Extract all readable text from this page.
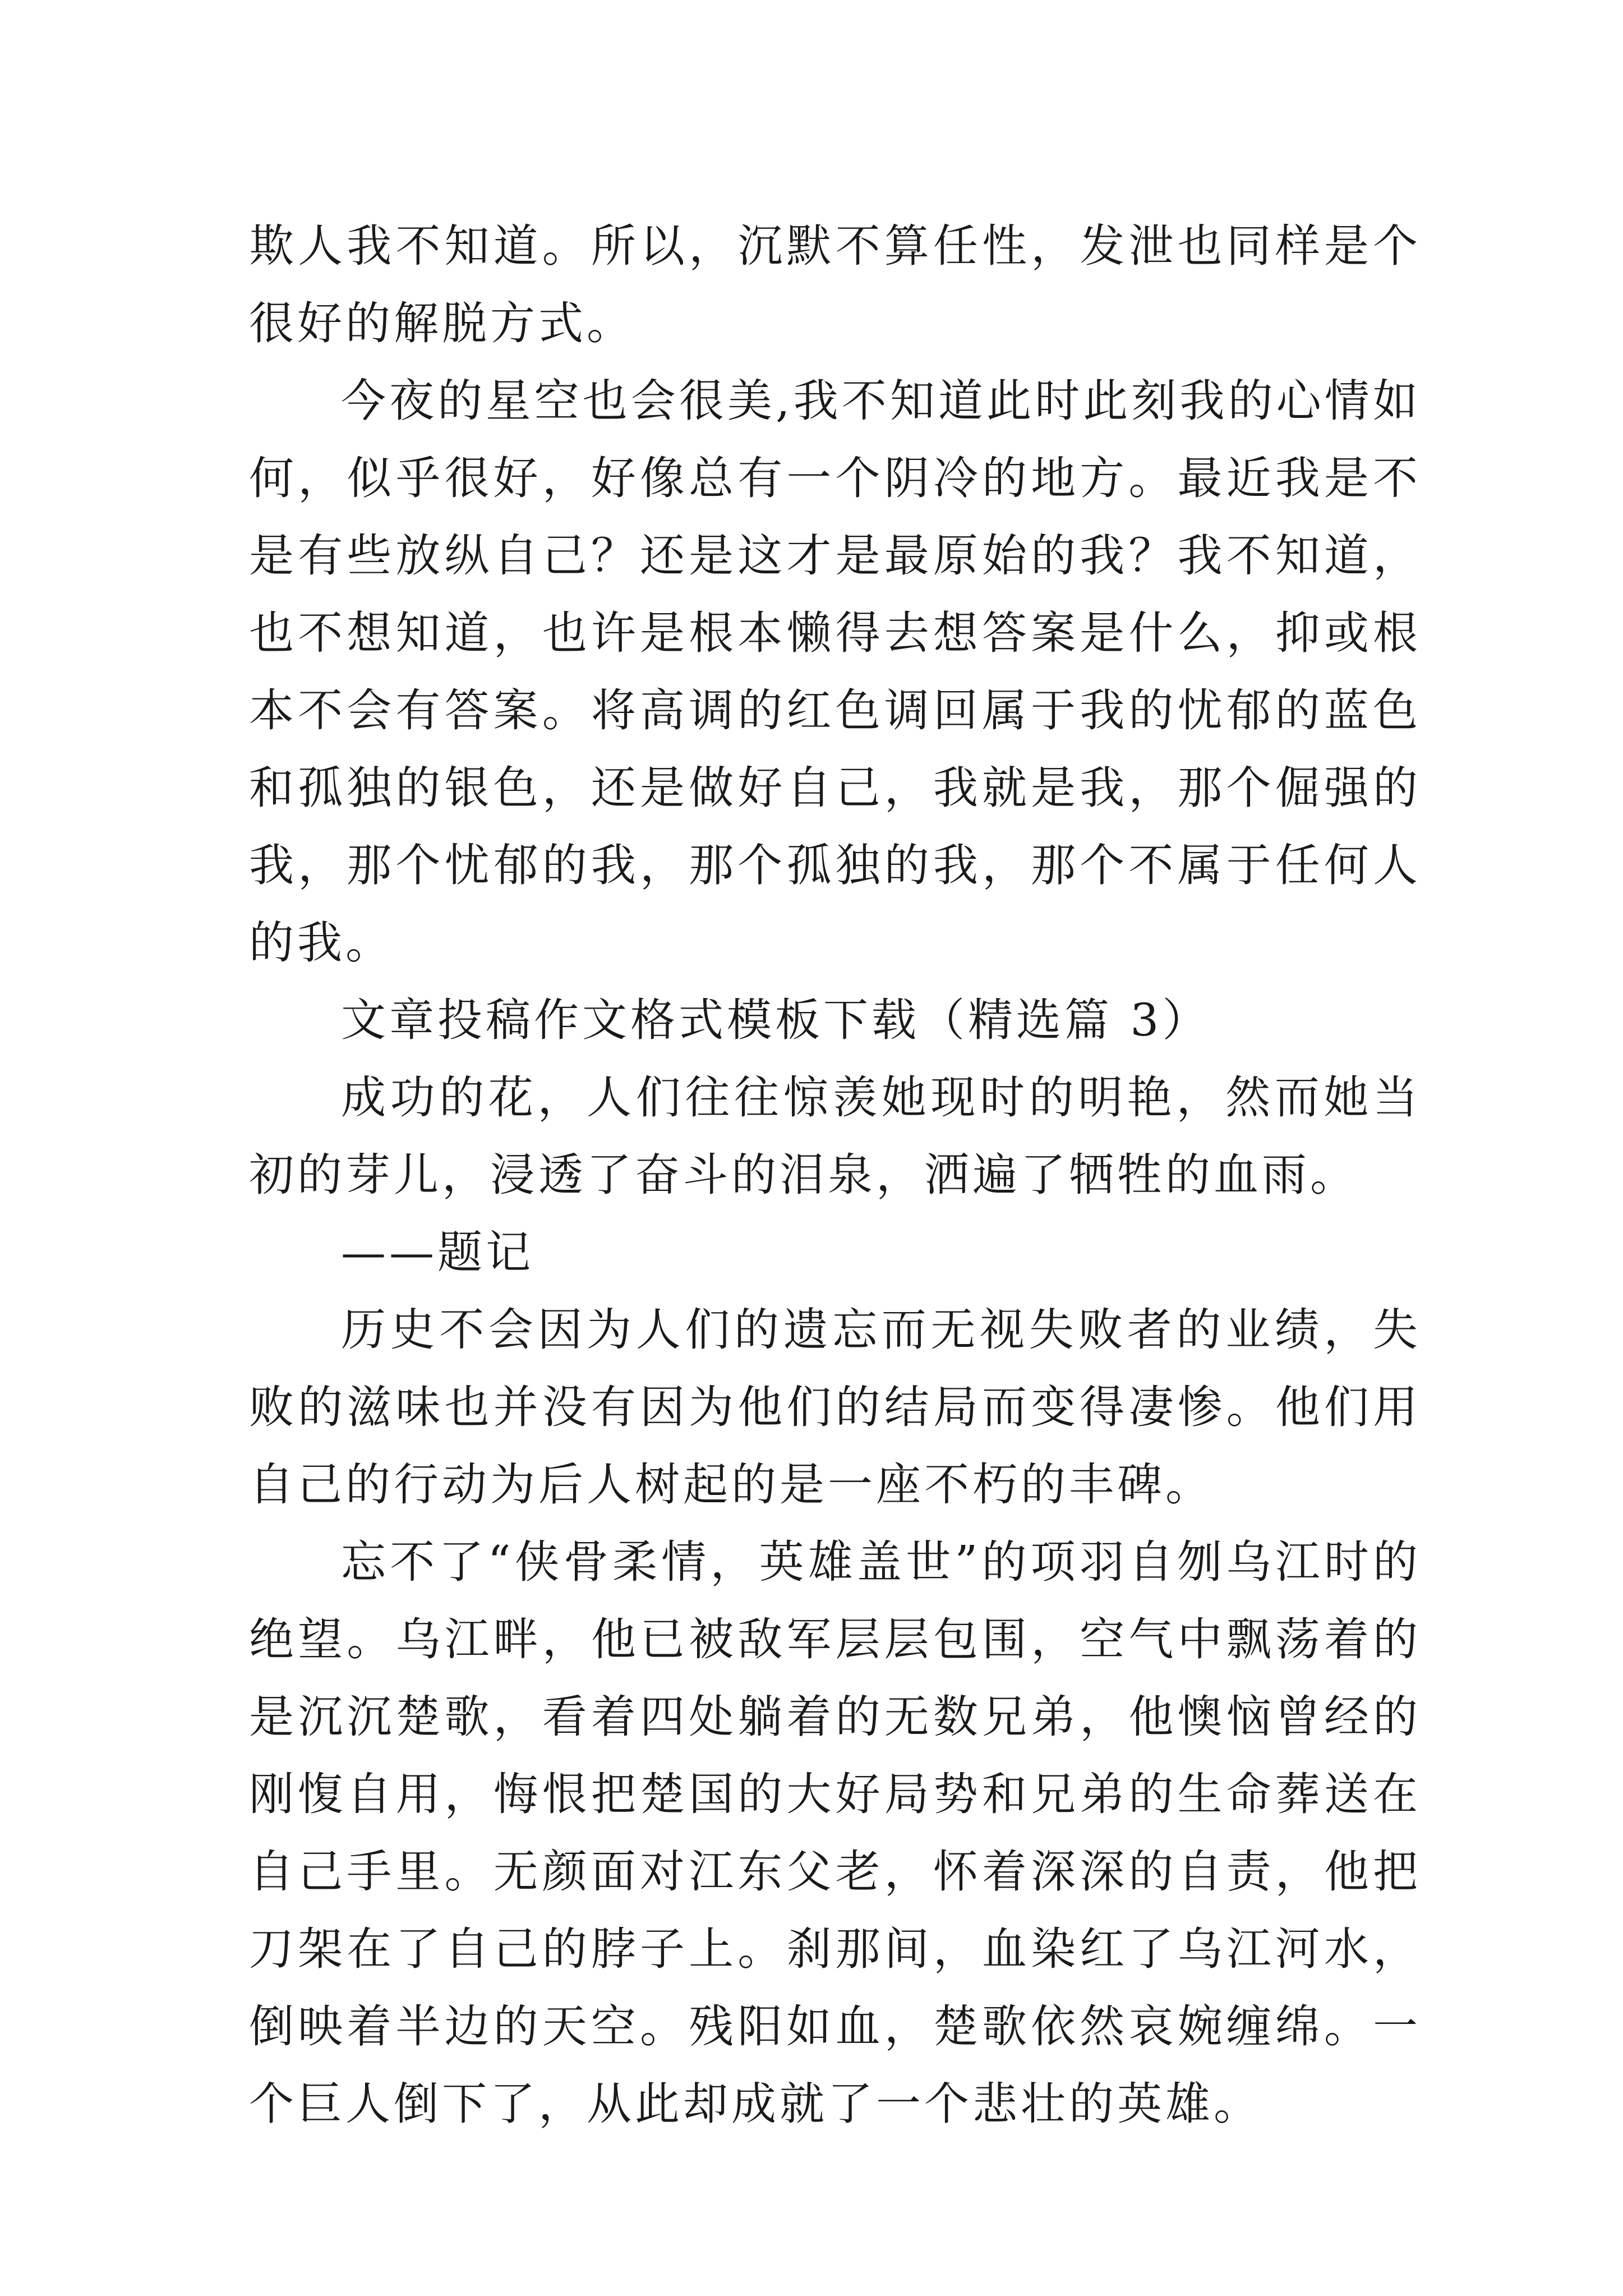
欺人我不知道。所以，沉默不算任性，发泄也同样是个很好的解脱方式。

今夜的星空也会很美,我不知道此时此刻我的心情如何，似乎很好，好像总有一个阴冷的地方。最近我是不是有些放纵自己？还是这才是最原始的我？我不知道，也不想知道，也许是根本懒得去想答案是什么，抑或根本不会有答案。将高调的红色调回属于我的忧郁的蓝色和孤独的银色，还是做好自己，我就是我，那个倔强的我，那个忧郁的我，那个孤独的我，那个不属于任何人的我。

文章投稿作文格式模板下载（精选篇 3）

成功的花，人们往往惊羡她现时的明艳，然而她当初的芽儿，浸透了奋斗的泪泉，洒遍了牺牲的血雨。

——题记

历史不会因为人们的遗忘而无视失败者的业绩，失败的滋味也并没有因为他们的结局而变得凄惨。他们用自己的行动为后人树起的是一座不朽的丰碑。

忘不了“侠骨柔情，英雄盖世”的项羽自刎乌江时的绝望。乌江畔，他已被敌军层层包围，空气中飘荡着的是沉沉楚歌，看着四处躺着的无数兄弟，他懊恼曾经的刚愎自用，悔恨把楚国的大好局势和兄弟的生命葬送在自己手里。无颜面对江东父老，怀着深深的自责，他把刀架在了自己的脖子上。刹那间，血染红了乌江河水，倒映着半边的天空。残阳如血，楚歌依然哀婉缠绵。一个巨人倒下了，从此却成就了一个悲壮的英雄。
